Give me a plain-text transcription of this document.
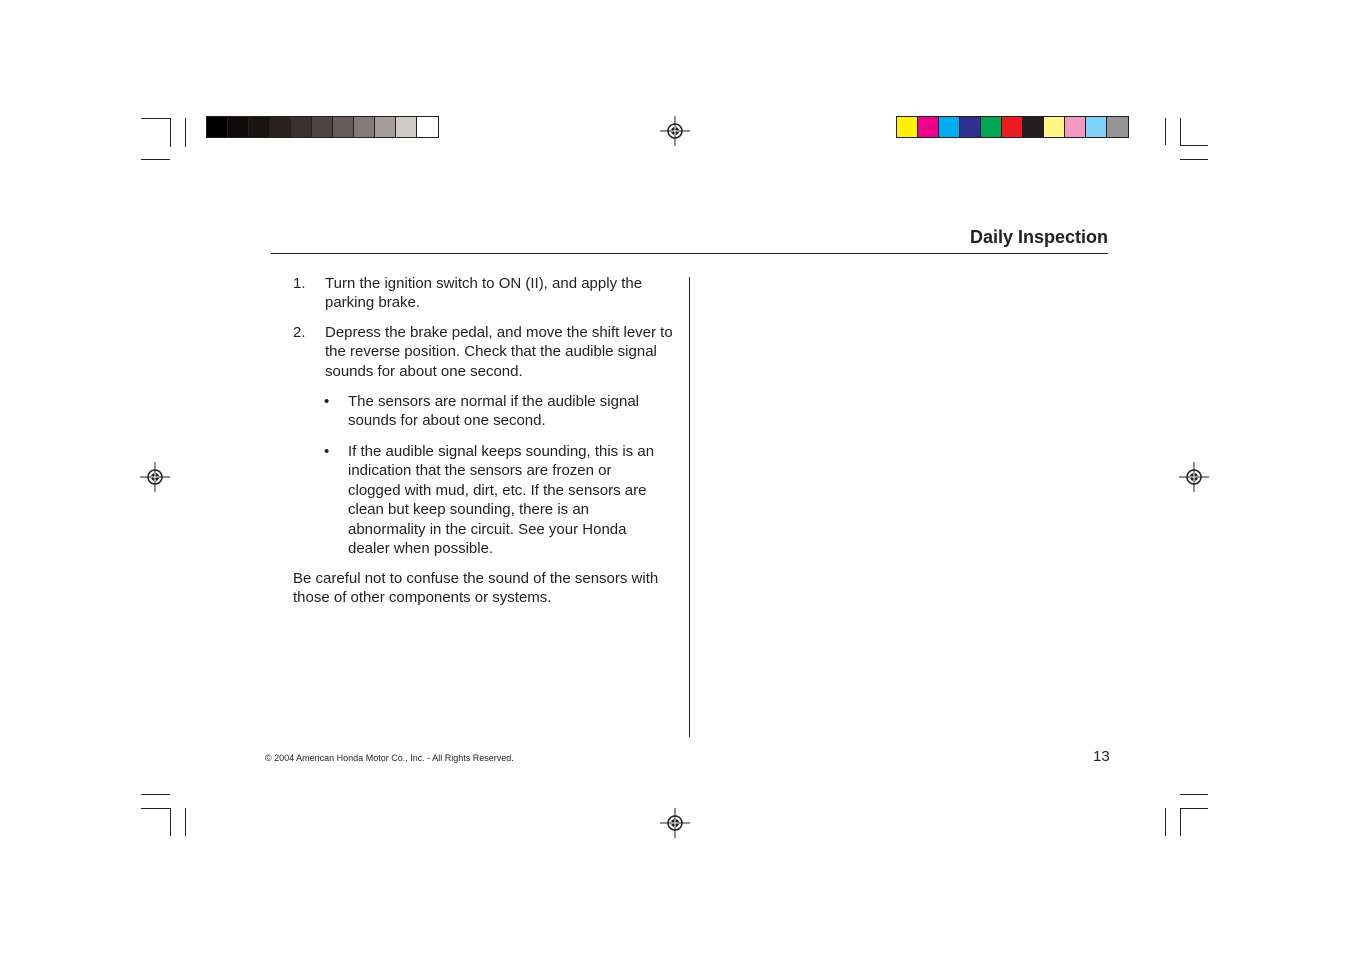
Daily Inspection
1. Turn the ignition switch to ON (II), and apply the parking brake.
2. Depress the brake pedal, and move the shift lever to the reverse position. Check that the audible signal sounds for about one second.
• The sensors are normal if the audible signal sounds for about one second.
• If the audible signal keeps sounding, this is an indication that the sensors are frozen or clogged with mud, dirt, etc. If the sensors are clean but keep sounding, there is an abnormality in the circuit. See your Honda dealer when possible.
Be careful not to confuse the sound of the sensors with those of other components or systems.
© 2004 American Honda Motor Co., Inc. - All Rights Reserved.	13
